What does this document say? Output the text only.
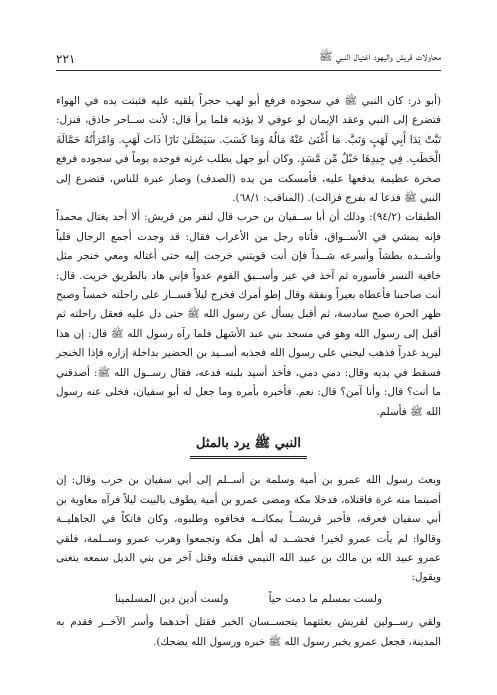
محاولات قريش واليهود اغتيال النبي ﷺ
٢٢١

(أبو ذر: كان النبي ﷺ في سجوده فرفع أبو لهب حجراً يلقيه عليه فثبتت يده في الهواء فتضرع إلى النبي وعقد الإيمان لو عوفي لا يؤذيه فلما برأ قال: لأنت ســاحر حاذق، فنزل: تَبَّتْ يَدَا أَبِي لَهَبٍ وَتَبَّ. مَا أَغْنَىٰ عَنْهُ مَالُهُ وَمَا كَسَبَ. سَيَصْلَىٰ نَارًا ذَاتَ لَهَبٍ. وَامْرَأَتُهُ حَمَّالَةَ الْحَطَبِ. فِي جِيدِهَا حَبْلٌ مِّن مَّسَدٍ. وكان أبو جهل يطلب غرته فوجده يوماً في سجوده فرفع صخرة عظيمة يدفعها عليه، فأمسكت من يده (الصدف) وصار عبرة للناس، فتضرع إلى النبي ﷺ فدعا له بفرج فزالت). (المناقب: ٦٨/١).

الطبقات (٩٤/٢): وذلك أن أبا ســفيان بن حرب قال لنفر من قريش: ألا أحد يغتال محمداً فإنه يمشي في الأســواق، فأتاه رجل من الأعراب فقال: قد وجدت أجمع الرجال قلباً وأشــده بطشاً وأسرعه شــداً فإن أنت قويتني خرجت إليه حتى أغتاله ومعي خنجر مثل خافية النسر فأسوره ثم آخذ في عير وأســبق القوم عدواً فإني هاد بالطريق خريت. قال: أنت صاحبنا فأعطاه بعيراً ونفقة وقال إطو أمرك فخرج ليلاً فســار على راحلته خمساً وصبح ظهر الحرة صبح سادسة، ثم أقبل يسأل عن رسول الله ﷺ حتى دل عليه فعقل راحلته ثم أقبل إلى رسول الله وهو في مسجد بني عبد الأشهل فلما رآه رسول الله ﷺ قال: إن هذا ليريد غدراً فذهب ليجني على رسول الله فجذبه أســيد بن الحضير بداخلة إزاره فإذا الخنجر فسقط في يديه وقال: دمي دمي، فأخذ أسيد بلبته فدعه، فقال رســول الله ﷺ: أصدقني ما أنت؟ قال: وأنا آمن؟ قال: نعم. فأخبره بأمره وما جعل له أبو سفيان، فخلى عنه رسول الله ﷺ فأسلم.

النبي ﷺ يرد بالمثل

وبعث رسول الله عمرو بن أمية وسلمة بن أســلم إلى أبي سفيان بن حرب وقال: إن أصبتما منه غرة فاقتلاه، فدخلا مكة ومضى عمرو بن أمية يطوف بالبيت ليلاً فرآه معاوية بن أبي سفيان فعرفه، فأخبر قريشــاً بمكانــه فخافوه وطلبوه، وكان فاتكاً في الجاهليــة وقالوا: لم يأت عمرو لخير! فحشــد له أهل مكة وتجمعوا وهرب عمرو وســلمة، فلقي عمرو عبيد الله بن مالك بن عبيد الله التيمي فقتله وقتل آخر من بني الديل سمعه يتغنى ويقول:

ولست بمسلم ما دمت حياً
ولست أدين دين المسلمينا

ولقي رســولين لقريش بعثتهما يتجســسان الخبر فقتل أحدهما وأسر الآخــر فقدم به المدينة، فجعل عمرو يخبر رسول الله ﷺ خبره ورسول الله يضحك).
